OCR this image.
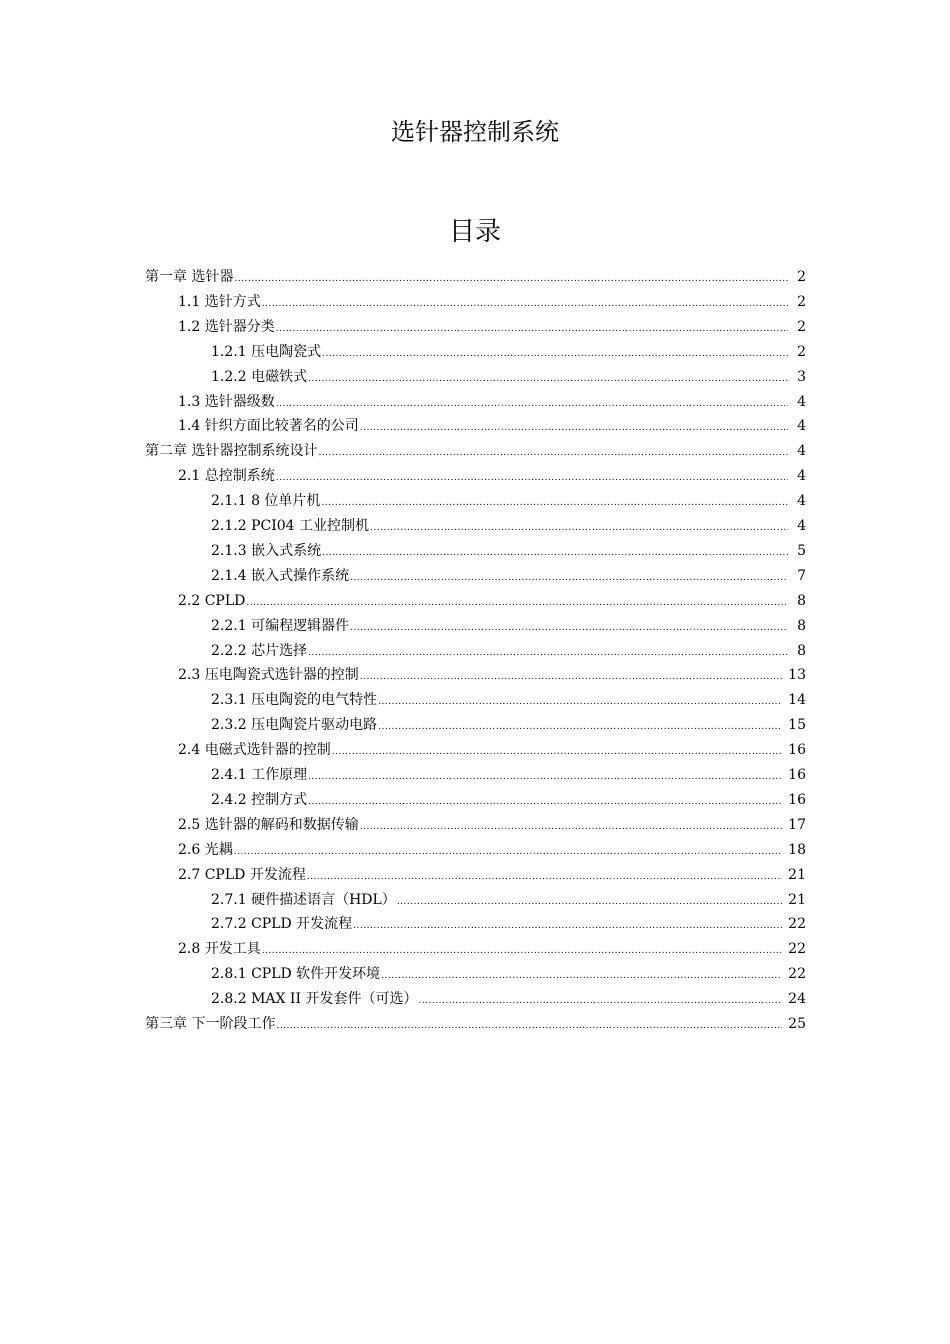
选针器控制系统
目录
第一章 选针器 .....	2
1.1 选针方式 .....	2
1.2 选针器分类 .....	2
1.2.1 压电陶瓷式 .....	2
1.2.2 电磁铁式 .....	3
1.3 选针器级数 .....	4
1.4 针织方面比较著名的公司 .....	4
第二章 选针器控制系统设计 .....	4
2.1 总控制系统 .....	4
2.1.1 8 位单片机 .....	4
2.1.2 PCI04 工业控制机 .....	4
2.1.3 嵌入式系统 .....	5
2.1.4 嵌入式操作系统 .....	7
2.2 CPLD .....	8
2.2.1 可编程逻辑器件 .....	8
2.2.2 芯片选择 .....	8
2.3 压电陶瓷式选针器的控制 .....	13
2.3.1 压电陶瓷的电气特性 .....	14
2.3.2 压电陶瓷片驱动电路 .....	15
2.4 电磁式选针器的控制 .....	16
2.4.1 工作原理 .....	16
2.4.2 控制方式 .....	16
2.5 选针器的解码和数据传输 .....	17
2.6 光耦 .....	18
2.7 CPLD 开发流程 .....	21
2.7.1 硬件描述语言（HDL） .....	21
2.7.2 CPLD 开发流程 .....	22
2.8 开发工具 .....	22
2.8.1 CPLD 软件开发环境 .....	22
2.8.2 MAX II 开发套件（可选） .....	24
第三章 下一阶段工作 .....	25
